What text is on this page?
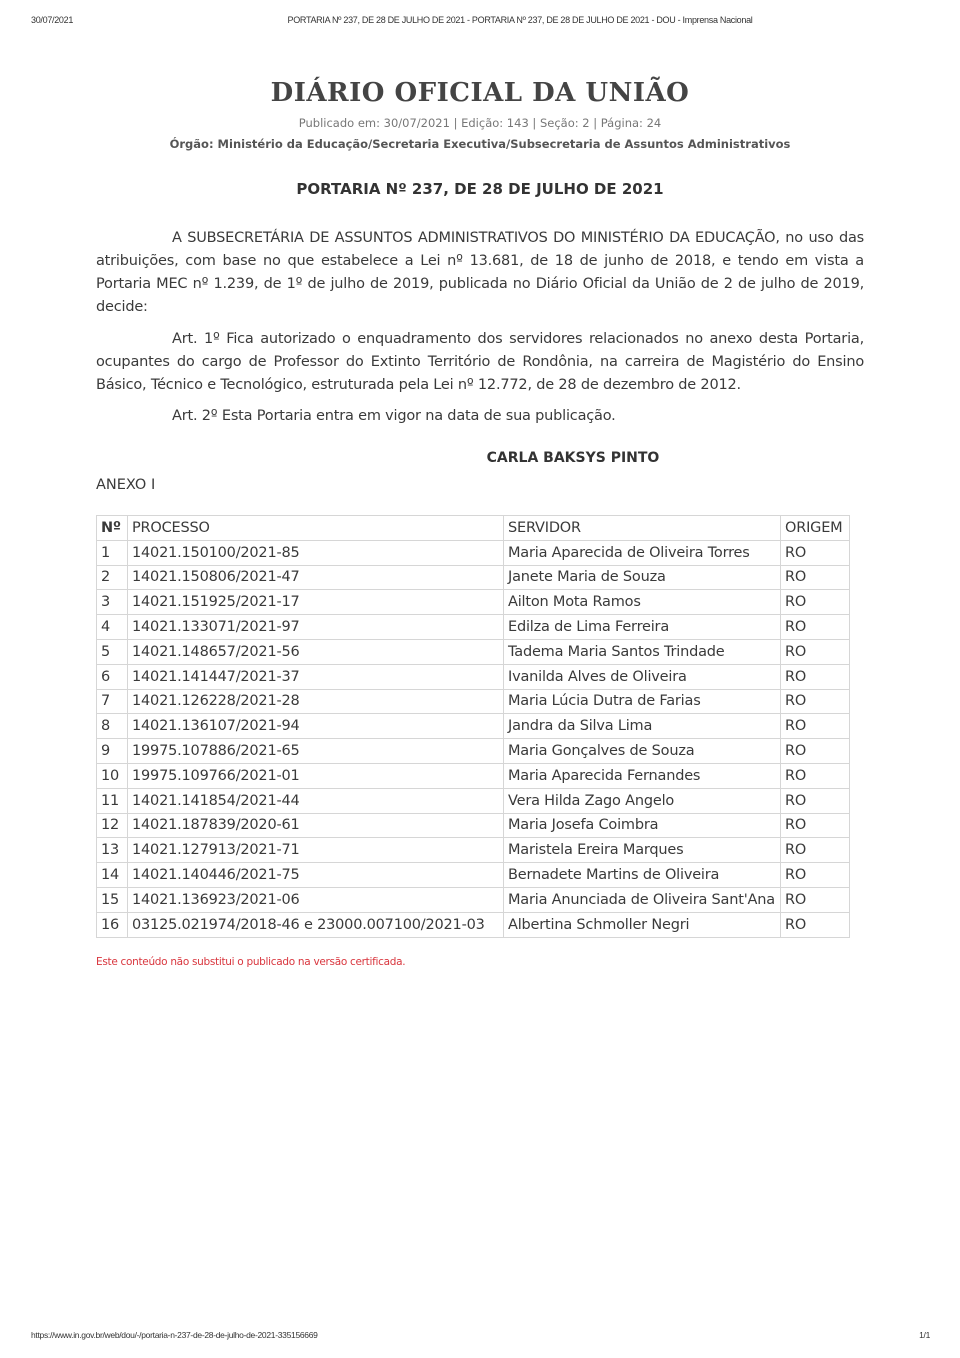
30/07/2021	PORTARIA Nº 237, DE 28 DE JULHO DE 2021 - PORTARIA Nº 237, DE 28 DE JULHO DE 2021 - DOU - Imprensa Nacional
DIÁRIO OFICIAL DA UNIÃO
Publicado em: 30/07/2021 | Edição: 143 | Seção: 2 | Página: 24
Órgão: Ministério da Educação/Secretaria Executiva/Subsecretaria de Assuntos Administrativos
PORTARIA Nº 237, DE 28 DE JULHO DE 2021

A SUBSECRETÁRIA DE ASSUNTOS ADMINISTRATIVOS DO MINISTÉRIO DA EDUCAÇÃO, no uso das atribuições, com base no que estabelece a Lei nº 13.681, de 18 de junho de 2018, e tendo em vista a Portaria MEC nº 1.239, de 1º de julho de 2019, publicada no Diário Oficial da União de 2 de julho de 2019, decide:

Art. 1º Fica autorizado o enquadramento dos servidores relacionados no anexo desta Portaria, ocupantes do cargo de Professor do Extinto Território de Rondônia, na carreira de Magistério do Ensino Básico, Técnico e Tecnológico, estruturada pela Lei nº 12.772, de 28 de dezembro de 2012.

Art. 2º Esta Portaria entra em vigor na data de sua publicação.

CARLA BAKSYS PINTO
ANEXO I
Nº	PROCESSO	SERVIDOR	ORIGEM
1	14021.150100/2021-85	Maria Aparecida de Oliveira Torres	RO
2	14021.150806/2021-47	Janete Maria de Souza	RO
3	14021.151925/2021-17	Ailton Mota Ramos	RO
4	14021.133071/2021-97	Edilza de Lima Ferreira	RO
5	14021.148657/2021-56	Tadema Maria Santos Trindade	RO
6	14021.141447/2021-37	Ivanilda Alves de Oliveira	RO
7	14021.126228/2021-28	Maria Lúcia Dutra de Farias	RO
8	14021.136107/2021-94	Jandra da Silva Lima	RO
9	19975.107886/2021-65	Maria Gonçalves de Souza	RO
10	19975.109766/2021-01	Maria Aparecida Fernandes	RO
11	14021.141854/2021-44	Vera Hilda Zago Angelo	RO
12	14021.187839/2020-61	Maria Josefa Coimbra	RO
13	14021.127913/2021-71	Maristela Ereira Marques	RO
14	14021.140446/2021-75	Bernadete Martins de Oliveira	RO
15	14021.136923/2021-06	Maria Anunciada de Oliveira Sant'Ana	RO
16	03125.021974/2018-46 e 23000.007100/2021-03	Albertina Schmoller Negri	RO
Este conteúdo não substitui o publicado na versão certificada.
https://www.in.gov.br/web/dou/-/portaria-n-237-de-28-de-julho-de-2021-335156669	1/1
